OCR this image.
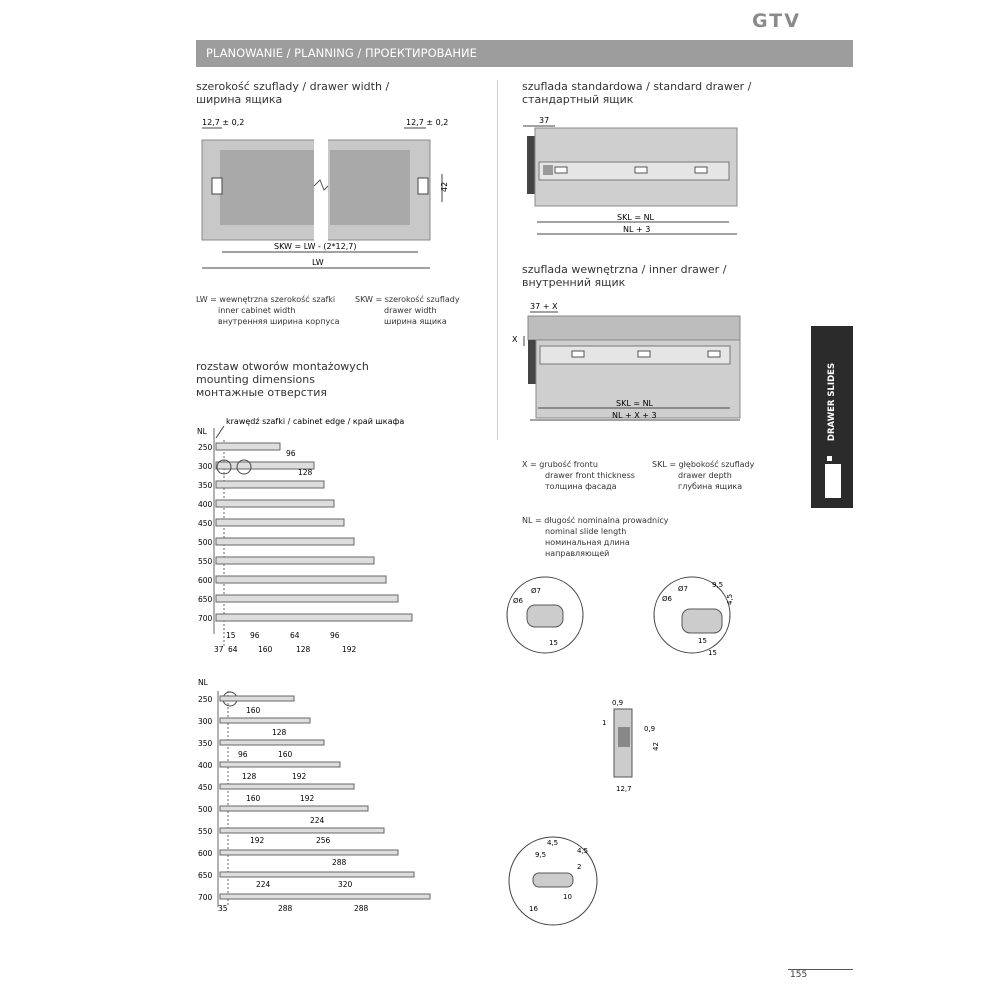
GTV
PLANOWANIE / PLANNING / ПРОЕКТИРОВАНИЕ
szerokość szuflady / drawer width /
ширина ящика
12,7 ± 0,2	12,7 ± 0,2
42
SKW = LW - (2*12,7)
LW
LW = wewnętrzna szerokość szafki
inner cabinet width
внутренняя ширина корпуса
SKW = szerokość szuflady
drawer width
ширина ящика
szuflada standardowa / standard drawer /
стандартный ящик
37
SKL = NL
NL + 3
szuflada wewnętrzna / inner drawer /
внутренний ящик
37 + X
X
SKL = NL
NL + X + 3
X = grubość frontu
drawer front thickness
толщина фасада
SKL = głębokość szuflady
drawer depth
глубина ящика
NL = długość nominalna prowadnicy
nominal slide length
номинальная длина
направляющей
DRAWER SLIDES
rozstaw otworów montażowych
mounting dimensions
монтажные отверстия
krawędź szafki / cabinet edge / край шкафа
NL
250
300
350
400
450
500
550
600
650
700
96
128
15 96	64	96
37 64	160	128	192
Ø7
Ø6
15
Ø7
Ø6
9,5
4,5
15
15
0,9
1
0,9
42
12,7
4,5
9,5	4,5
16
10
2
NL
250
300
350
400
450
500
550
600
650
700
160
128
96	160
128	192
160	192
224
192	256
288
224	320
35	288	288
155
